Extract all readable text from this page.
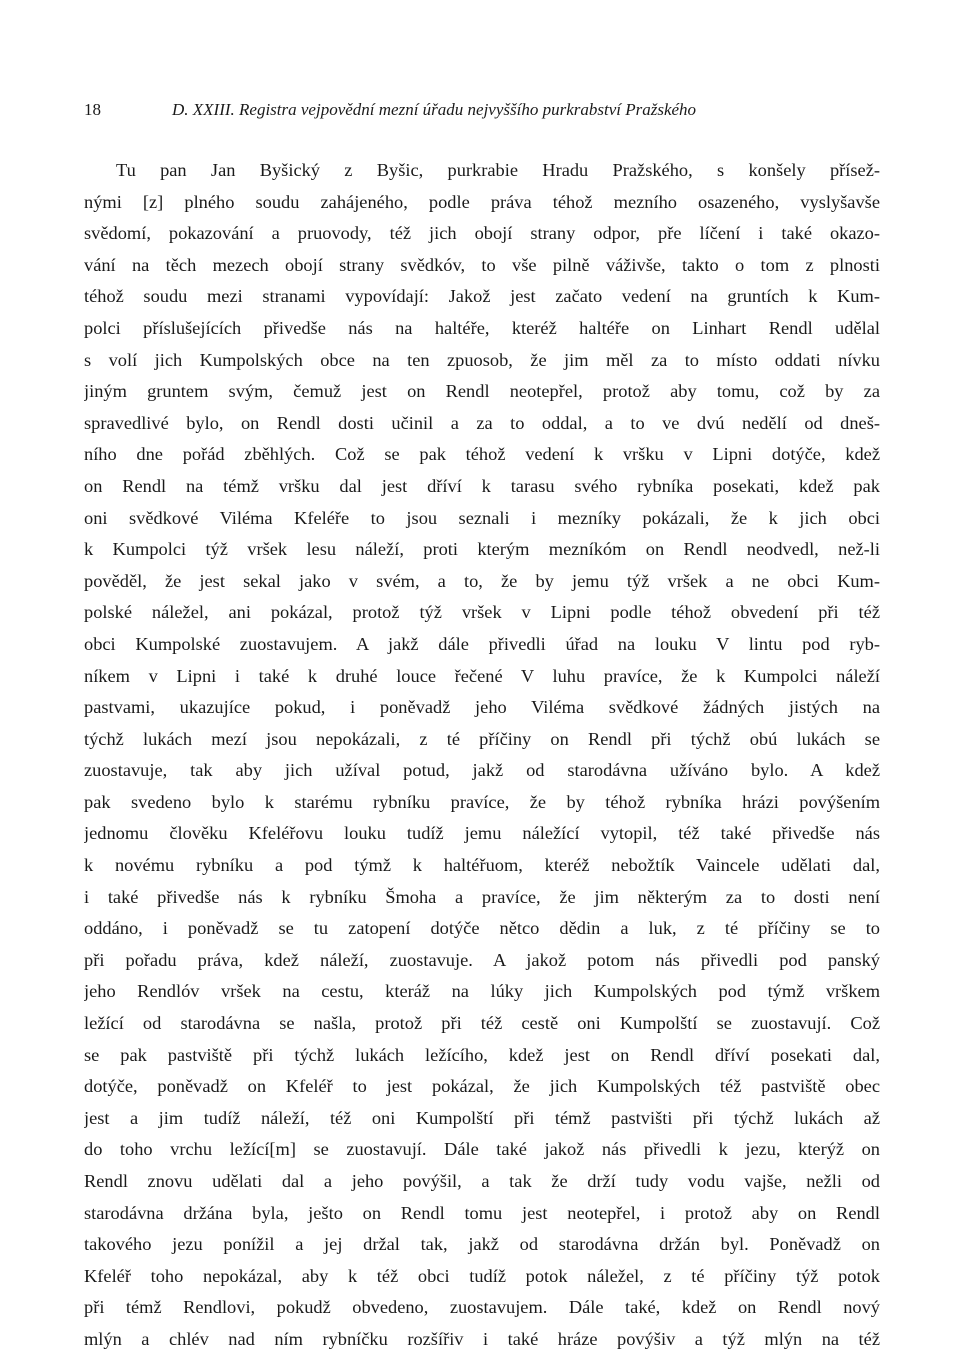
18	D. XXIII. Registra vejpovědní mezní úřadu nejvyššího purkrabství Pražského
Tu pan Jan Byšický z Byšic, purkrabie Hradu Pražského, s konšely přísež-
nými [z] plného soudu zahájeného, podle práva téhož mezního osazeného, vyslyšavše
svědomí, pokazování a pruovody, též jich obojí strany odpor, pře líčení i také okazo-
vání na těch mezech obojí strany svědkóv, to vše pilně váživše, takto o tom z plnosti
téhož soudu mezi stranami vypovídají: Jakož jest začato vedení na gruntích k Kum-
polci příslušejících přivedše nás na haltéře, kteréž haltéře on Linhart Rendl udělal
s volí jich Kumpolských obce na ten zpuosob, že jim měl za to místo oddati nívku
jiným gruntem svým, čemuž jest on Rendl neotepřel, protož aby tomu, což by za
spravedlivé bylo, on Rendl dosti učinil a za to oddal, a to ve dvú nedělí od dneš-
ního dne pořád zběhlých. Což se pak téhož vedení k vršku v Lipni dotýče, kdež
on Rendl na témž vršku dal jest dříví k tarasu svého rybníka posekati, kdež pak
oni svědkové Viléma Kfeléře to jsou seznali i mezníky pokázali, že k jich obci
k Kumpolci týž vršek lesu náleží, proti kterým mezníkóm on Rendl neodvedl, než-li
pověděl, že jest sekal jako v svém, a to, že by jemu týž vršek a ne obci Kum-
polské náležel, ani pokázal, protož týž vršek v Lipni podle téhož obvedení při též
obci Kumpolské zuostavujem. A jakž dále přivedli úřad na louku V lintu pod ryb-
níkem v Lipni i také k druhé louce řečené V luhu pravíce, že k Kumpolci náleží
pastvami, ukazujíce pokud, i poněvadž jeho Viléma svědkové žádných jistých na
týchž lukách mezí jsou nepokázali, z té příčiny on Rendl při týchž obú lukách se
zuostavuje, tak aby jich užíval potud, jakž od starodávna užíváno bylo. A kdež
pak svedeno bylo k starému rybníku pravíce, že by téhož rybníka hrázi povýšením
jednomu člověku Kfeléřovu louku tudíž jemu náležící vytopil, též také přivedše nás
k novému rybníku a pod týmž k haltéřuom, kteréž nebožtík Vaincele udělati dal,
i také přivedše nás k rybníku Šmoha a pravíce, že jim některým za to dosti není
oddáno, i poněvadž se tu zatopení dotýče nětco dědin a luk, z té příčiny se to
při pořadu práva, kdež náleží, zuostavuje. A jakož potom nás přivedli pod panský
jeho Rendlóv vršek na cestu, kteráž na lúky jich Kumpolských pod týmž vrškem
ležící od starodávna se našla, protož při též cestě oni Kumpolští se zuostavují. Což
se pak pastviště při týchž lukách ležícího, kdež jest on Rendl dříví posekati dal,
dotýče, poněvadž on Kfeléř to jest pokázal, že jich Kumpolských též pastviště obec
jest a jim tudíž náleží, též oni Kumpolští při témž pastvišti při týchž lukách až
do toho vrchu ležící[m] se zuostavují. Dále také jakož nás přivedli k jezu, kterýž on
Rendl znovu udělati dal a jeho povýšil, a tak že drží tudy vodu vajše, nežli od
starodávna držána byla, ješto on Rendl tomu jest neotepřel, i protož aby on Rendl
takového jezu ponížil a jej držal tak, jakž od starodávna držán byl. Poněvadž on
Kfeléř toho nepokázal, aby k též obci tudíž potok náležel, z té příčiny týž potok
při témž Rendlovi, pokudž obvedeno, zuostavujem. Dále také, kdež on Rendl nový
mlýn a chlév nad ním rybníčku rozšířiv i také hráze povýšiv a týž mlýn na též
